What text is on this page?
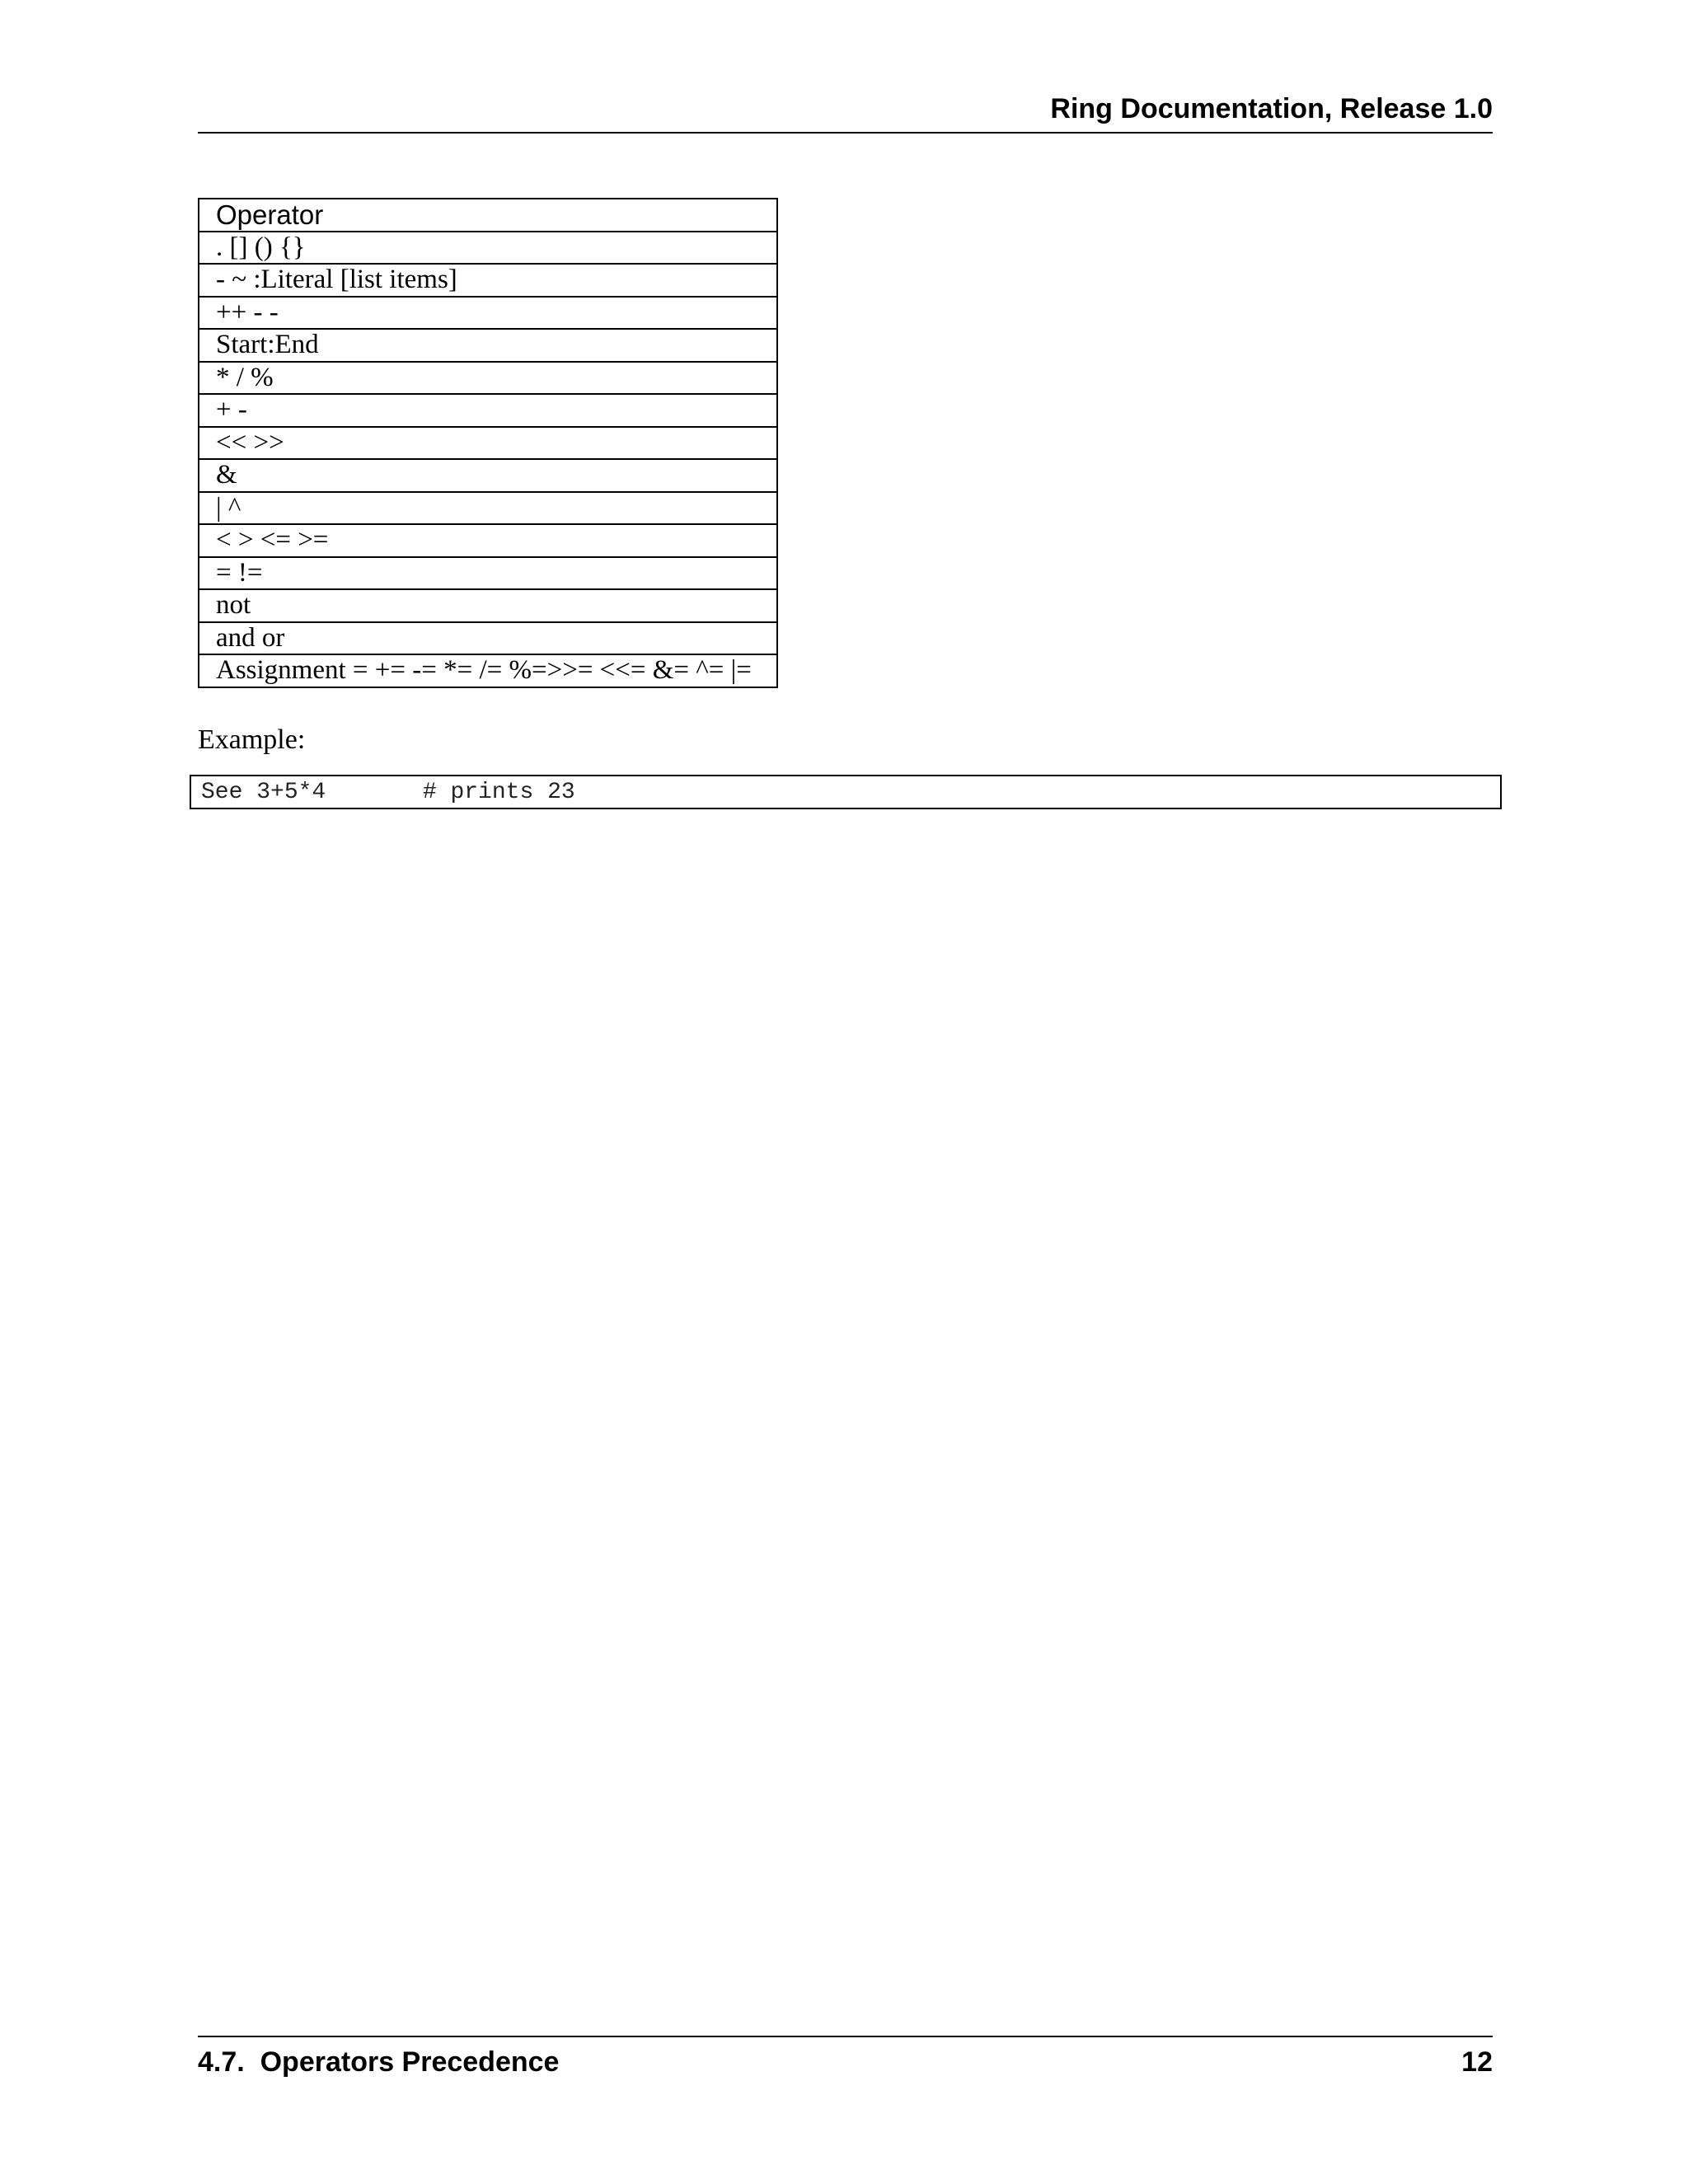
Ring Documentation, Release 1.0
Operator
. [] () {}
- ~ :Literal [list items]
++ - -
Start:End
* / %
+ -
<< >>
&
| ^
< > <= >=
= !=
not
and or
Assignment = += -= *= /= %=>>= <<= &= ^= |=
Example:
See 3+5*4       # prints 23
4.7.  Operators Precedence	12
